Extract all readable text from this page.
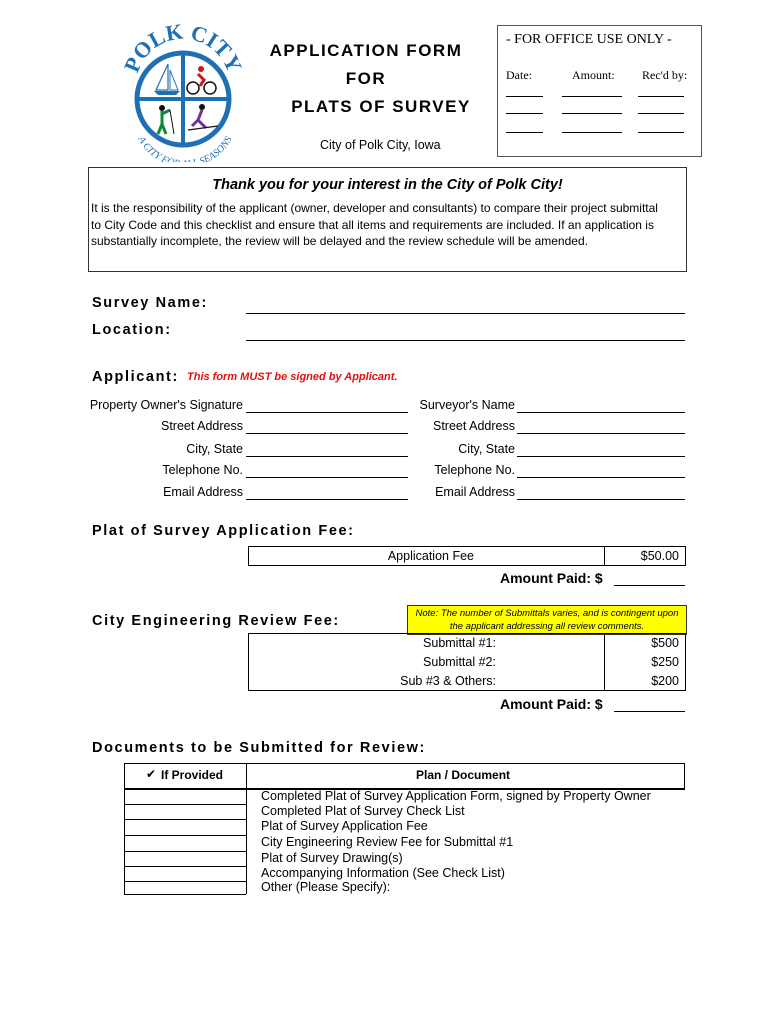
POLK CITY
A CITY F SEASONS
APPLICATION FORM
FOR
PLATS OF SURVEY
City of Polk City, Iowa
- FOR OFFICE USE ONLY -
Date:	Amount: Rec'd by:
Thank you for your interest in the City of Polk City!
It is the responsibility of the applicant (owner, developer and consultants) to compare their project submittal to City Code and this checklist and ensure that all items and requirements are included. If an application is substantially incomplete, the review will be delayed and the review schedule will be amended.
Survey Name:
Location:
Applicant: This form MUST be signed by Applicant.
Property Owner's Signature
Street Address
City, State
Telephone No.
Email Address
Surveyor's Name
Street Address
City, State
Telephone No.
Email Address
Plat of Survey Application Fee:
Application Fee	$50.00
Amount Paid: $
City Engineering Review Fee:	Note: The number of Submittals varies, and is contingent upon the applicant addressing all review comments.
Submittal #1:	$500
Submittal #2:	$250
Sub #3 & Others:	$200
Amount Paid: $
Documents to be Submitted for Review:
✔ If Provided	Plan / Document
Completed Plat of Survey Application Form, signed by Property Owner
Completed Plat of Survey Check List
Plat of Survey Application Fee
City Engineering Review Fee for Submittal #1
Plat of Survey Drawing(s)
Accompanying Information (See Check List)
Other (Please Specify):
